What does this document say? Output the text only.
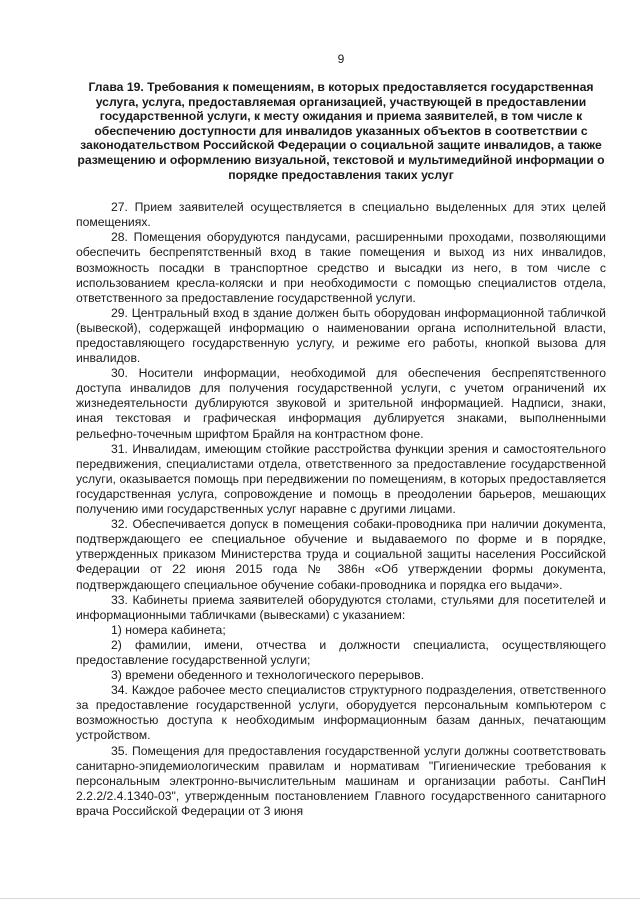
9
Глава 19. Требования к помещениям, в которых предоставляется государственная услуга, услуга, предоставляемая организацией, участвующей в предоставлении государственной услуги, к месту ожидания и приема заявителей, в том числе к обеспечению доступности для инвалидов указанных объектов в соответствии с законодательством Российской Федерации о социальной защите инвалидов, а также размещению и оформлению визуальной, текстовой и мультимедийной информации о порядке предоставления таких услуг

27. Прием заявителей осуществляется в специально выделенных для этих целей помещениях.

28. Помещения оборудуются пандусами, расширенными проходами, позволяющими обеспечить беспрепятственный вход в такие помещения и выход из них инвалидов, возможность посадки в транспортное средство и высадки из него, в том числе с использованием кресла-коляски и при необходимости с помощью специалистов отдела, ответственного за предоставление государственной услуги.

29. Центральный вход в здание должен быть оборудован информационной табличкой (вывеской), содержащей информацию о наименовании органа исполнительной власти, предоставляющего государственную услугу, и режиме его работы, кнопкой вызова для инвалидов.

30. Носители информации, необходимой для обеспечения беспрепятственного доступа инвалидов для получения государственной услуги, с учетом ограничений их жизнедеятельности дублируются звуковой и зрительной информацией. Надписи, знаки, иная текстовая и графическая информация дублируется знаками, выполненными рельефно-точечным шрифтом Брайля на контрастном фоне.

31. Инвалидам, имеющим стойкие расстройства функции зрения и самостоятельного передвижения, специалистами отдела, ответственного за предоставление государственной услуги, оказывается помощь при передвижении по помещениям, в которых предоставляется государственная услуга, сопровождение и помощь в преодолении барьеров, мешающих получению ими государственных услуг наравне с другими лицами.

32. Обеспечивается допуск в помещения собаки-проводника при наличии документа, подтверждающего ее специальное обучение и выдаваемого по форме и в порядке, утвержденных приказом Министерства труда и социальной защиты населения Российской Федерации от 22 июня 2015 года № 386н «Об утверждении формы документа, подтверждающего специальное обучение собаки-проводника и порядка его выдачи».

33. Кабинеты приема заявителей оборудуются столами, стульями для посетителей и информационными табличками (вывесками) с указанием:

1) номера кабинета;

2) фамилии, имени, отчества и должности специалиста, осуществляющего предоставление государственной услуги;

3) времени обеденного и технологического перерывов.

34. Каждое рабочее место специалистов структурного подразделения, ответственного за предоставление государственной услуги, оборудуется персональным компьютером с возможностью доступа к необходимым информационным базам данных, печатающим устройством.

35. Помещения для предоставления государственной услуги должны соответствовать санитарно-эпидемиологическим правилам и нормативам "Гигиенические требования к персональным электронно-вычислительным машинам и организации работы. СанПиН 2.2.2/2.4.1340-03", утвержденным постановлением Главного государственного санитарного врача Российской Федерации от 3 июня
